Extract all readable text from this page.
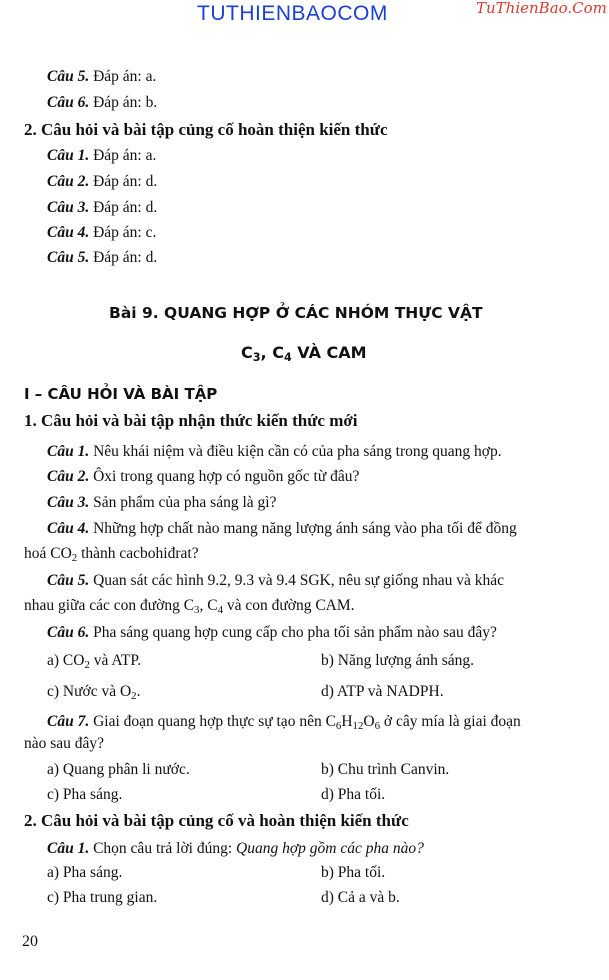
TUTHIENBAOCOM	TuThienBao.Com
Câu 5. Đáp án: a.
Câu 6. Đáp án: b.
2. Câu hỏi và bài tập củng cố hoàn thiện kiến thức
Câu 1. Đáp án: a.
Câu 2. Đáp án: d.
Câu 3. Đáp án: d.
Câu 4. Đáp án: c.
Câu 5. Đáp án: d.
Bài 9. QUANG HỢP Ở CÁC NHÓM THỰC VẬT
$C_3$, $C_4$ VÀ CAM
I – CÂU HỎI VÀ BÀI TẬP
1. Câu hỏi và bài tập nhận thức kiến thức mới
Câu 1. Nêu khái niệm và điều kiện cần có của pha sáng trong quang hợp.
Câu 2. Ôxi trong quang hợp có nguồn gốc từ đâu?
Câu 3. Sản phẩm của pha sáng là gì?
Câu 4. Những hợp chất nào mang năng lượng ánh sáng vào pha tối để đồng
hoá $CO_2$ thành cacbohiđrat?
Câu 5. Quan sát các hình 9.2, 9.3 và 9.4 SGK, nêu sự giống nhau và khác
nhau giữa các con đường $C_3$, $C_4$ và con đường CAM.
Câu 6. Pha sáng quang hợp cung cấp cho pha tối sản phẩm nào sau đây?
a) $CO_2$ và ATP.	b) Năng lượng ánh sáng.
c) Nước và $O_2$.	d) ATP và NADPH.
Câu 7. Giai đoạn quang hợp thực sự tạo nên $C_6H_{12}O_6$ ở cây mía là giai đoạn
nào sau đây?
a) Quang phân li nước.	b) Chu trình Canvin.
c) Pha sáng.	d) Pha tối.
2. Câu hỏi và bài tập củng cố và hoàn thiện kiến thức
Câu 1. Chọn câu trả lời đúng: Quang hợp gồm các pha nào?
a) Pha sáng.	b) Pha tối.
c) Pha trung gian.	d) Cả a và b.
20
